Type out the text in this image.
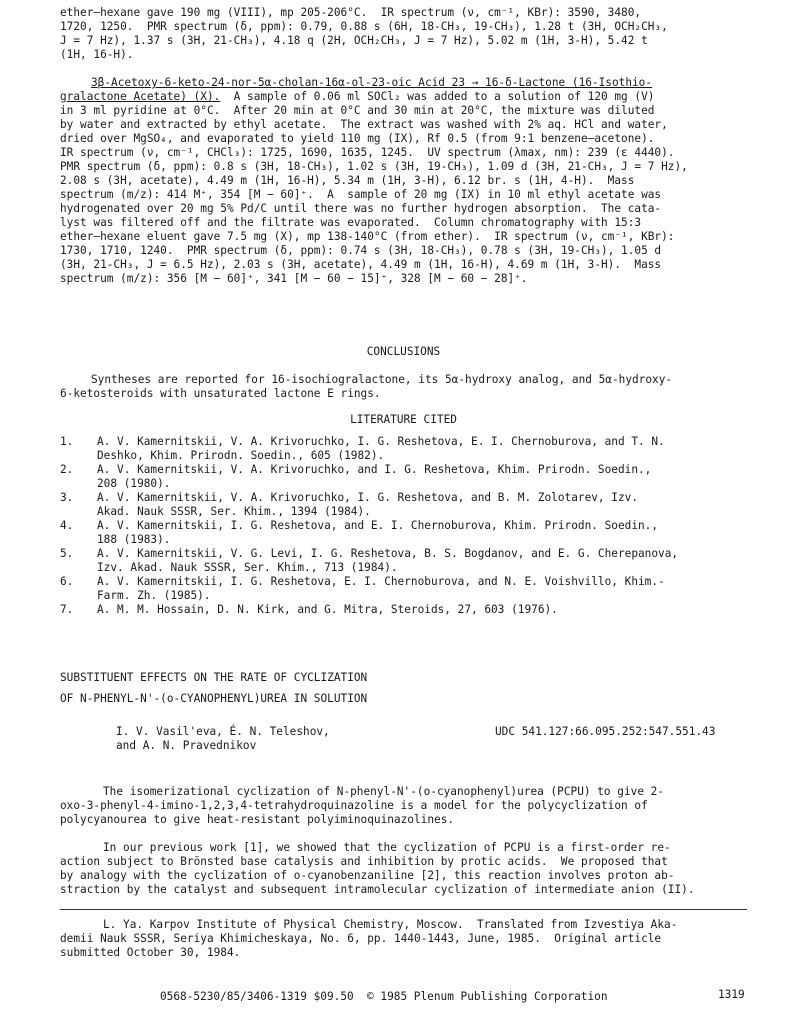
ether–hexane gave 190 mg (VIII), mp 205-206°C.  IR spectrum (ν, cm⁻¹, KBr): 3590, 3480,
1720, 1250.  PMR spectrum (δ, ppm): 0.79, 0.88 s (6H, 18-CH₃, 19-CH₃), 1.28 t (3H, OCH₂CH₃,
J = 7 Hz), 1.37 s (3H, 21-CH₃), 4.18 q (2H, OCH₂CH₃, J = 7 Hz), 5.02 m (1H, 3-H), 5.42 t
(1H, 16-H).
3β-Acetoxy-6-keto-24-nor-5α-cholan-16α-ol-23-oic Acid 23 → 16-δ-Lactone (16-Isothio-
gralactone Acetate) (X).  A sample of 0.06 ml SOCl₂ was added to a solution of 120 mg (V)
in 3 ml pyridine at 0°C.  After 20 min at 0°C and 30 min at 20°C, the mixture was diluted
by water and extracted by ethyl acetate.  The extract was washed with 2% aq. HCl and water,
dried over MgSO₄, and evaporated to yield 110 mg (IX), Rf 0.5 (from 9:1 benzene–acetone).
IR spectrum (ν, cm⁻¹, CHCl₃): 1725, 1690, 1635, 1245.  UV spectrum (λmax, nm): 239 (ε 4440).
PMR spectrum (δ, ppm): 0.8 s (3H, 18-CH₃), 1.02 s (3H, 19-CH₃), 1.09 d (3H, 21-CH₃, J = 7 Hz),
2.08 s (3H, acetate), 4.49 m (1H, 16-H), 5.34 m (1H, 3-H), 6.12 br. s (1H, 4-H).  Mass
spectrum (m/z): 414 M⁺, 354 [M − 60]⁺.  A  sample of 20 mg (IX) in 10 ml ethyl acetate was
hydrogenated over 20 mg 5% Pd/C until there was no further hydrogen absorption.  The cata-
lyst was filtered off and the filtrate was evaporated.  Column chromatography with 15:3
ether–hexane eluent gave 7.5 mg (X), mp 138-140°C (from ether).  IR spectrum (ν, cm⁻¹, KBr):
1730, 1710, 1240.  PMR spectrum (δ, ppm): 0.74 s (3H, 18-CH₃), 0.78 s (3H, 19-CH₃), 1.05 d
(3H, 21-CH₃, J = 6.5 Hz), 2.03 s (3H, acetate), 4.49 m (1H, 16-H), 4.69 m (1H, 3-H).  Mass
spectrum (m/z): 356 [M − 60]⁺, 341 [M − 60 − 15]⁺, 328 [M − 60 − 28]⁺.
CONCLUSIONS
Syntheses are reported for 16-isochiogralactone, its 5α-hydroxy analog, and 5α-hydroxy-
6-ketosteroids with unsaturated lactone E rings.
LITERATURE CITED
1. A. V. Kamernitskii, V. A. Krivoruchko, I. G. Reshetova, E. I. Chernoburova, and T. N.
Deshko, Khim. Prirodn. Soedin., 605 (1982).
2. A. V. Kamernitskii, V. A. Krivoruchko, and I. G. Reshetova, Khim. Prirodn. Soedin.,
208 (1980).
3. A. V. Kamernitskii, V. A. Krivoruchko, I. G. Reshetova, and B. M. Zolotarev, Izv.
Akad. Nauk SSSR, Ser. Khim., 1394 (1984).
4. A. V. Kamernitskii, I. G. Reshetova, and E. I. Chernoburova, Khim. Prirodn. Soedin.,
188 (1983).
5. A. V. Kamernitskii, V. G. Levi, I. G. Reshetova, B. S. Bogdanov, and E. G. Cherepanova,
Izv. Akad. Nauk SSSR, Ser. Khim., 713 (1984).
6. A. V. Kamernitskii, I. G. Reshetova, E. I. Chernoburova, and N. E. Voishvillo, Khim.-
Farm. Zh. (1985).
7. A. M. M. Hossain, D. N. Kirk, and G. Mitra, Steroids, 27, 603 (1976).
SUBSTITUENT EFFECTS ON THE RATE OF CYCLIZATION
OF N-PHENYL-N'-(o-CYANOPHENYL)UREA IN SOLUTION
I. V. Vasil'eva, É. N. Teleshov,
and A. N. Pravednikov
UDC 541.127:66.095.252:547.551.43
The isomerizational cyclization of N-phenyl-N'-(o-cyanophenyl)urea (PCPU) to give 2-
oxo-3-phenyl-4-imino-1,2,3,4-tetrahydroquinazoline is a model for the polycyclization of
polycyanourea to give heat-resistant polyiminoquinazolines.
In our previous work [1], we showed that the cyclization of PCPU is a first-order re-
action subject to Brönsted base catalysis and inhibition by protic acids.  We proposed that
by analogy with the cyclization of o-cyanobenzaniline [2], this reaction involves proton ab-
straction by the catalyst and subsequent intramolecular cyclization of intermediate anion (II).
L. Ya. Karpov Institute of Physical Chemistry, Moscow.  Translated from Izvestiya Aka-
demii Nauk SSSR, Seriya Khimicheskaya, No. 6, pp. 1440-1443, June, 1985.  Original article
submitted October 30, 1984.
0568-5230/85/3406-1319 $09.50  © 1985 Plenum Publishing Corporation	1319
